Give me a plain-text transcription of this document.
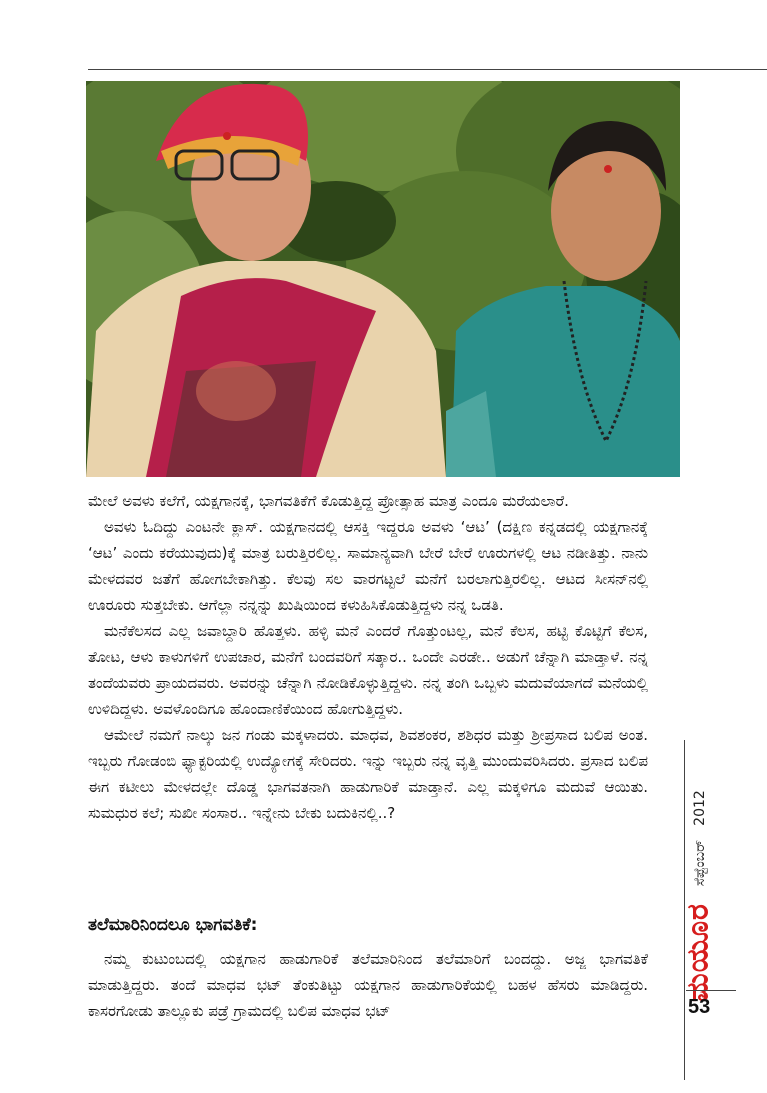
ಮೇಲೆ ಅವಳು ಕಲೆಗೆ, ಯಕ್ಷಗಾನಕ್ಕೆ, ಭಾಗವತಿಕೆಗೆ ಕೊಡುತ್ತಿದ್ದ ಪ್ರೋತ್ಸಾಹ ಮಾತ್ರ ಎಂದೂ ಮರೆಯಲಾರೆ.

ಅವಳು ಓದಿದ್ದು ಎಂಟನೇ ಕ್ಲಾಸ್. ಯಕ್ಷಗಾನದಲ್ಲಿ ಆಸಕ್ತಿ ಇದ್ದರೂ ಅವಳು ‘ಆಟ’ (ದಕ್ಷಿಣ ಕನ್ನಡದಲ್ಲಿ ಯಕ್ಷಗಾನಕ್ಕೆ ‘ಆಟ’ ಎಂದು ಕರೆಯುವುದು)ಕ್ಕೆ ಮಾತ್ರ ಬರುತ್ತಿರಲಿಲ್ಲ. ಸಾಮಾನ್ಯವಾಗಿ ಬೇರೆ ಬೇರೆ ಊರುಗಳಲ್ಲಿ ಆಟ ನಡೀತಿತ್ತು. ನಾನು ಮೇಳದವರ ಜತೆಗೆ ಹೋಗಬೇಕಾಗಿತ್ತು. ಕೆಲವು ಸಲ ವಾರಗಟ್ಟಲೆ ಮನೆಗೆ ಬರಲಾಗುತ್ತಿರಲಿಲ್ಲ. ಆಟದ ಸೀಸನ್‌ನಲ್ಲಿ ಊರೂರು ಸುತ್ತಬೇಕು. ಆಗೆಲ್ಲಾ ನನ್ನನ್ನು ಖುಷಿಯಿಂದ ಕಳುಹಿಸಿಕೊಡುತ್ತಿದ್ದಳು ನನ್ನ ಒಡತಿ.

ಮನೆಕೆಲಸದ ಎಲ್ಲ ಜವಾಬ್ದಾರಿ ಹೊತ್ತಳು. ಹಳ್ಳಿ ಮನೆ ಎಂದರೆ ಗೊತ್ತುಂಟಲ್ಲ, ಮನೆ ಕೆಲಸ, ಹಟ್ಟಿ ಕೊಟ್ಟಿಗೆ ಕೆಲಸ, ತೋಟ, ಆಳು ಕಾಳುಗಳಿಗೆ ಉಪಚಾರ, ಮನೆಗೆ ಬಂದವರಿಗೆ ಸತ್ಕಾರ.. ಒಂದೇ ಎರಡೇ.. ಅಡುಗೆ ಚೆನ್ನಾಗಿ ಮಾಡ್ತಾಳೆ. ನನ್ನ ತಂದೆಯವರು ಪ್ರಾಯದವರು. ಅವರನ್ನು ಚೆನ್ನಾಗಿ ನೋಡಿಕೊಳ್ಳುತ್ತಿದ್ದಳು. ನನ್ನ ತಂಗಿ ಒಬ್ಬಳು ಮದುವೆಯಾಗದೆ ಮನೆಯಲ್ಲಿ ಉಳಿದಿದ್ದಳು. ಅವಳೊಂದಿಗೂ ಹೊಂದಾಣಿಕೆಯಿಂದ ಹೋಗುತ್ತಿದ್ದಳು.

ಆಮೇಲೆ ನಮಗೆ ನಾಲ್ಕು ಜನ ಗಂಡು ಮಕ್ಕಳಾದರು. ಮಾಧವ, ಶಿವಶಂಕರ, ಶಶಿಧರ ಮತ್ತು ಶ್ರೀಪ್ರಸಾದ ಬಲಿಪ ಅಂತ. ಇಬ್ಬರು ಗೋಡಂಬಿ ಫ್ಯಾಕ್ಟರಿಯಲ್ಲಿ ಉದ್ಯೋಗಕ್ಕೆ ಸೇರಿದರು. ಇನ್ನು ಇಬ್ಬರು ನನ್ನ ವೃತ್ತಿ ಮುಂದುವರಿಸಿದರು. ಪ್ರಸಾದ ಬಲಿಪ ಈಗ ಕಟೀಲು ಮೇಳದಲ್ಲೇ ದೊಡ್ಡ ಭಾಗವತನಾಗಿ ಹಾಡುಗಾರಿಕೆ ಮಾಡ್ತಾನೆ. ಎಲ್ಲ ಮಕ್ಕಳಿಗೂ ಮದುವೆ ಆಯಿತು. ಸುಮಧುರ ಕಲೆ; ಸುಖೀ ಸಂಸಾರ.. ಇನ್ನೇನು ಬೇಕು ಬದುಕಿನಲ್ಲಿ..?

ತಲೆಮಾರಿನಿಂದಲೂ ಭಾಗವತಿಕೆ:

ನಮ್ಮ ಕುಟುಂಬದಲ್ಲಿ ಯಕ್ಷಗಾನ ಹಾಡುಗಾರಿಕೆ ತಲೆಮಾರಿನಿಂದ ತಲೆಮಾರಿಗೆ ಬಂದದ್ದು. ಅಜ್ಜ ಭಾಗವತಿಕೆ ಮಾಡುತ್ತಿದ್ದರು. ತಂದೆ ಮಾಧವ ಭಟ್ ತೆಂಕುತಿಟ್ಟು ಯಕ್ಷಗಾನ ಹಾಡುಗಾರಿಕೆಯಲ್ಲಿ ಬಹಳ ಹೆಸರು ಮಾಡಿದ್ದರು. ಕಾಸರಗೋಡು ತಾಲ್ಲೂಕು ಪಡ್ರೆ ಗ್ರಾಮದಲ್ಲಿ ಬಲಿಪ ಮಾಧವ ಭಟ್

2012
ಸೆಪ್ಟೆಂಬರ್
ಮಯೂರ
53
